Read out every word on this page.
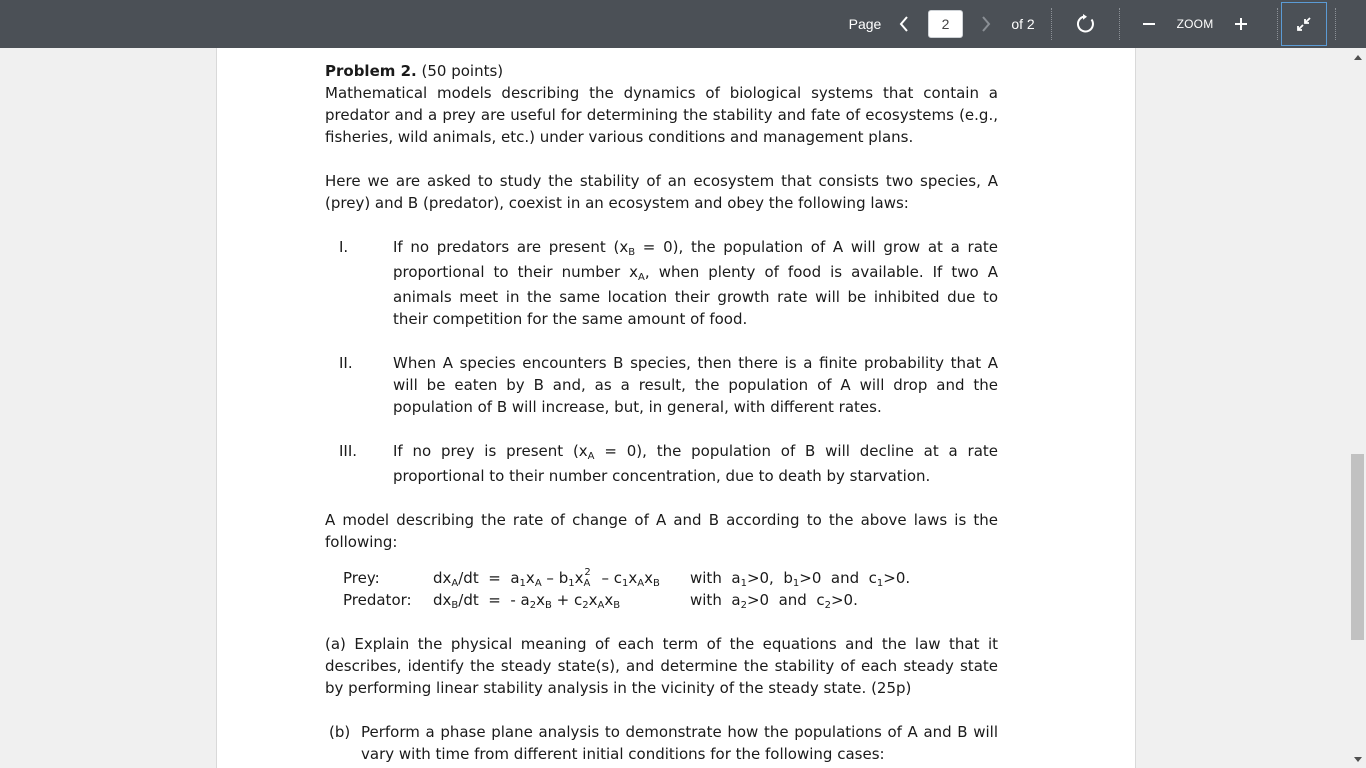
Page
2	of 2	ZOOM
Problem 2. (50 points)
Mathematical models describing the dynamics of biological systems that contain a predator and a prey are useful for determining the stability and fate of ecosystems (e.g., fisheries, wild animals, etc.) under various conditions and management plans.
Here we are asked to study the stability of an ecosystem that consists two species, A (prey) and B (predator), coexist in an ecosystem and obey the following laws:
I.	If no predators are present $(x_B = 0)$, the population of A will grow at a rate proportional to their number $x_A$, when plenty of food is available. If two A animals meet in the same location their growth rate will be inhibited due to their competition for the same amount of food.
II.	When A species encounters B species, then there is a finite probability that A will be eaten by B and, as a result, the population of A will drop and the population of B will increase, but, in general, with different rates.
III. If no prey is present $(x_A = 0)$, the population of B will decline at a rate proportional to their number concentration, due to death by starvation.
A model describing the rate of change of A and B according to the above laws is the following:
Prey:	$dx_A/dt = a_1x_A - b_1x_A^2 - c_1x_Ax_B$ with  $a_1>0$,  $b_1>0$  and  $c_1>0$.
Predator: $dx_B/dt$  =  - $a_2x_B + c_2x_Ax_B$	with  $a_2>0$  and  $c_2>0$.
(a) Explain the physical meaning of each term of the equations and the law that it describes, identify the steady state(s), and determine the stability of each steady state by performing linear stability analysis in the vicinity of the steady state. (25p)
(b) Perform a phase plane analysis to demonstrate how the populations of A and B will vary with time from different initial conditions for the following cases:
